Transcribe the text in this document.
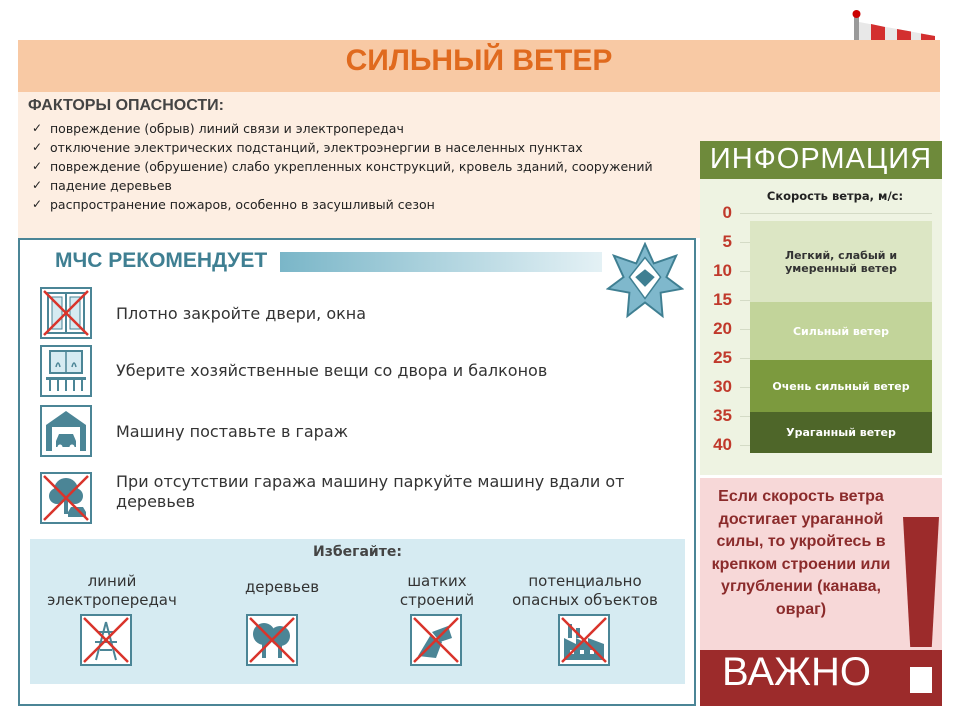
СИЛЬНЫЙ ВЕТЕР
ФАКТОРЫ ОПАСНОСТИ:
✓ повреждение (обрыв) линий связи и электропередач
✓ отключение электрических подстанций, электроэнергии в населенных пунктах
✓ повреждение (обрушение) слабо укрепленных конструкций, кровель зданий, сооружений
✓ падение деревьев
✓ распространение пожаров, особенно в засушливый сезон
МЧС РЕКОМЕНДУЕТ
Плотно закройте двери, окна
Уберите хозяйственные вещи со двора и балконов
Машину поставьте в гараж
При отсутствии гаража машину паркуйте машину вдали от деревьев
Избегайте:
линий электропередач
деревьев	шатких строений
потенциально опасных объектов
ИНФОРМАЦИЯ
Скорость ветра, м/с:
0
5
10
15
20
25
30
35
40
Легкий, слабый и умеренный ветер
Сильный ветер
Очень сильный ветер
Ураганный ветер
Если скорость ветра достигает ураганной силы, то укройтесь в крепком строении или углублении (канава, овраг)
ВАЖНО
